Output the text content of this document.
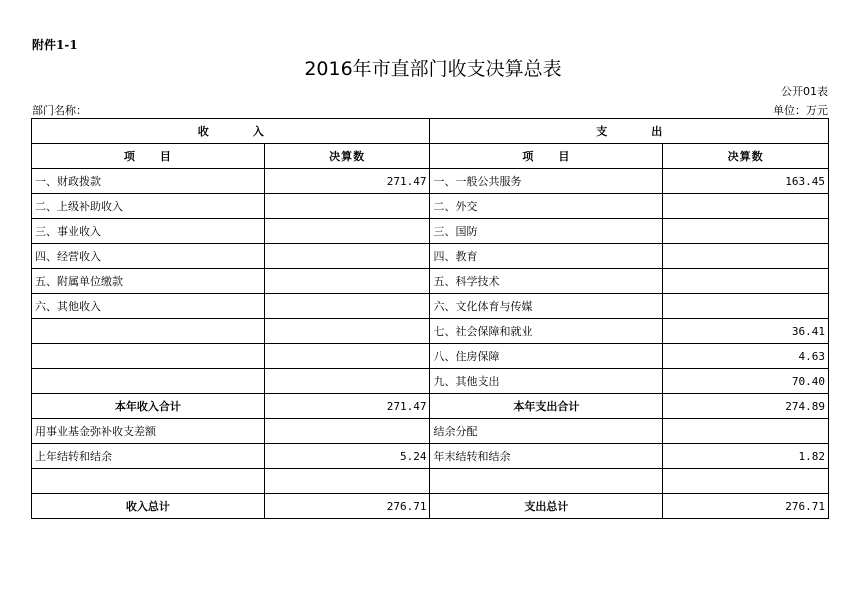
附件1-1
2016年市直部门收支决算总表
公开01表
部门名称：	单位：万元
收　　　　入		支　　　　出	
项　　目	决算数	项　　目	决算数
一、财政拨款	271.47	一、一般公共服务	163.45
二、上级补助收入		二、外交	
三、事业收入		三、国防	
四、经营收入		四、教育	
五、附属单位缴款		五、科学技术	
六、其他收入		六、文化体育与传媒	
		七、社会保障和就业	36.41
		八、住房保障	4.63
		九、其他支出	70.40
本年收入合计	271.47	本年支出合计	274.89
用事业基金弥补收支差额		结余分配	
上年结转和结余	5.24	年末结转和结余	1.82

收入总计	276.71	支出总计	276.71
